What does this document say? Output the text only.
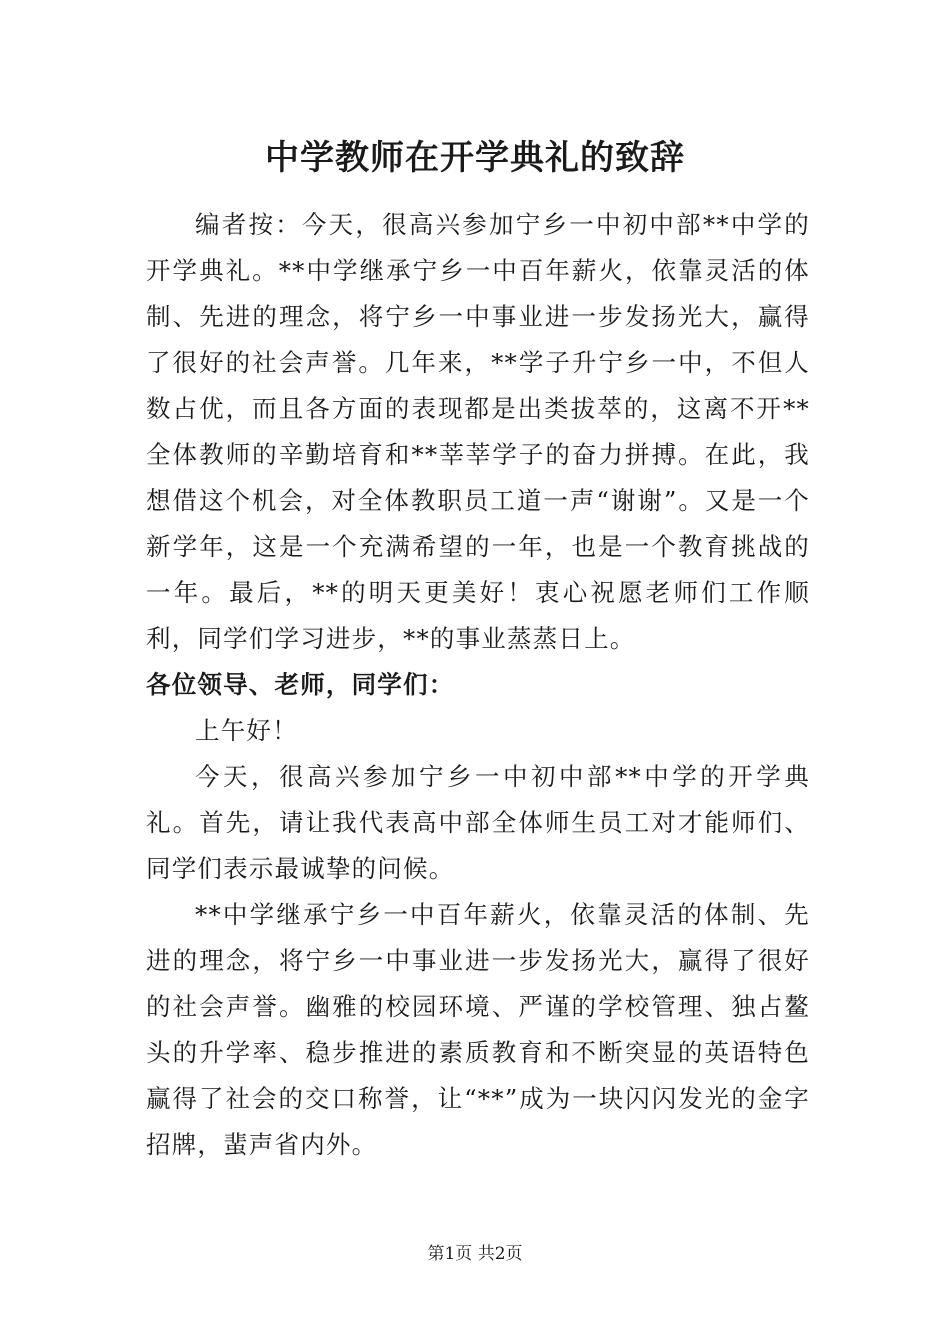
中学教师在开学典礼的致辞

编者按：今天，很高兴参加宁乡一中初中部**中学的开学典礼。**中学继承宁乡一中百年薪火，依靠灵活的体制、先进的理念，将宁乡一中事业进一步发扬光大，赢得了很好的社会声誉。几年来，**学子升宁乡一中，不但人数占优，而且各方面的表现都是出类拔萃的，这离不开**全体教师的辛勤培育和**莘莘学子的奋力拼搏。在此，我想借这个机会，对全体教职员工道一声“谢谢”。又是一个新学年，这是一个充满希望的一年，也是一个教育挑战的一年。最后，**的明天更美好！衷心祝愿老师们工作顺利，同学们学习进步，**的事业蒸蒸日上。

各位领导、老师，同学们：

上午好！

今天，很高兴参加宁乡一中初中部**中学的开学典礼。首先，请让我代表高中部全体师生员工对才能师们、同学们表示最诚挚的问候。

**中学继承宁乡一中百年薪火，依靠灵活的体制、先进的理念，将宁乡一中事业进一步发扬光大，赢得了很好的社会声誉。幽雅的校园环境、严谨的学校管理、独占鳌头的升学率、稳步推进的素质教育和不断突显的英语特色赢得了社会的交口称誉，让“**”成为一块闪闪发光的金字招牌，蜚声省内外。

第1页 共2页
